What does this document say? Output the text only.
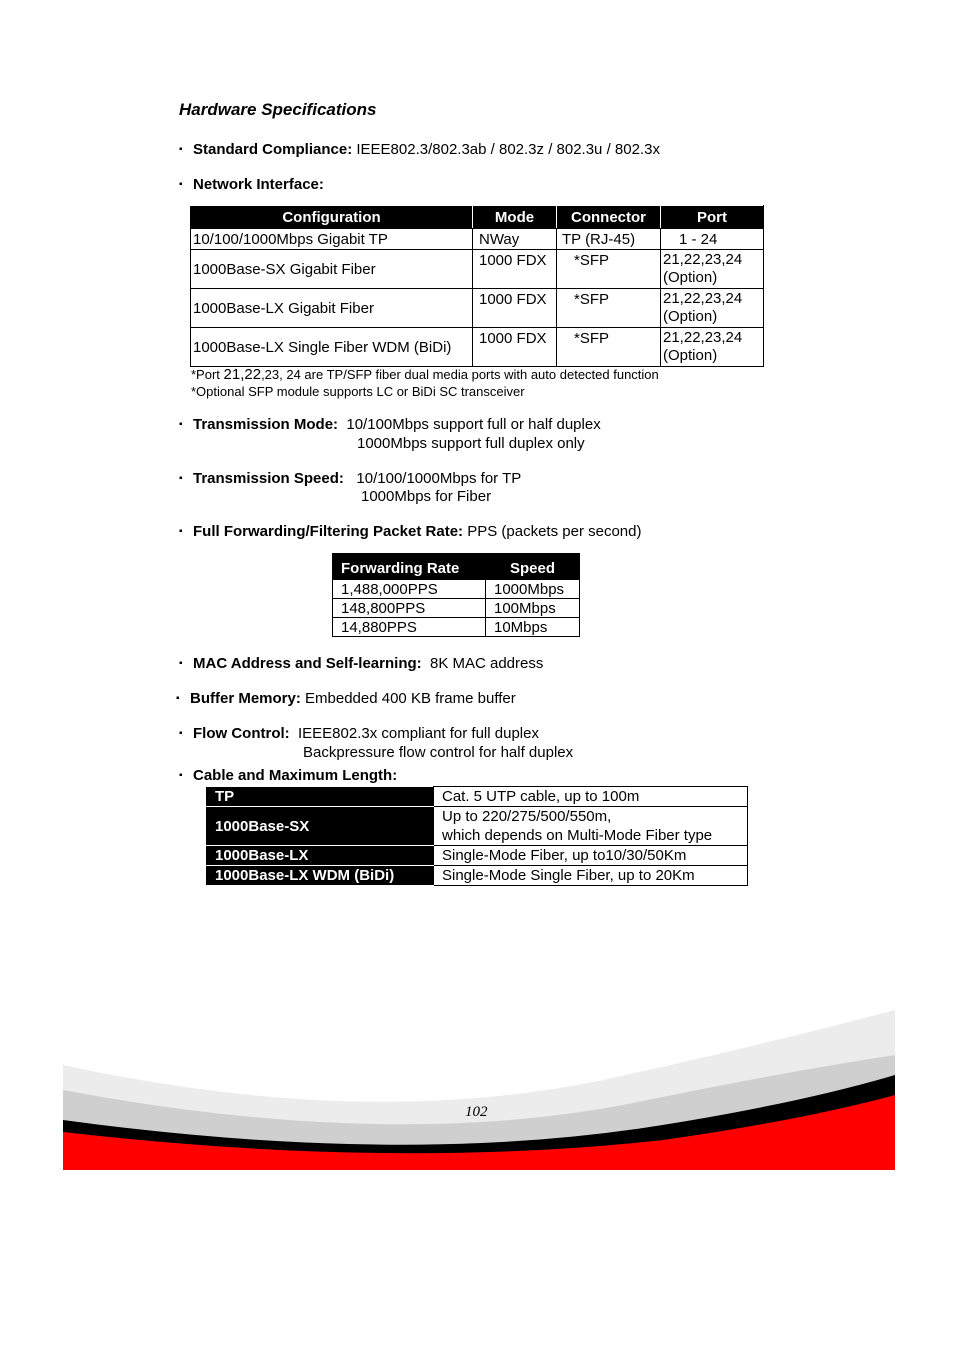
Hardware Specifications
▪ Standard Compliance: IEEE802.3/802.3ab / 802.3z / 802.3u / 802.3x
▪ Network Interface:
Configuration	Mode	Connector	Port
10/100/1000Mbps Gigabit TP	NWay	TP (RJ-45)	1 - 24
1000Base-SX Gigabit Fiber	1000 FDX	*SFP	21,22,23,24
(Option)
1000Base-LX Gigabit Fiber	1000 FDX	*SFP	21,22,23,24
(Option)
1000Base-LX Single Fiber WDM (BiDi)	1000 FDX	*SFP	21,22,23,24
(Option)
*Port 21,22,23, 24 are TP/SFP fiber dual media ports with auto detected function
*Optional SFP module supports LC or BiDi SC transceiver
▪ Transmission Mode: 10/100Mbps support full or half duplex
1000Mbps support full duplex only
▪ Transmission Speed: 10/100/1000Mbps for TP
1000Mbps for Fiber
▪ Full Forwarding/Filtering Packet Rate: PPS (packets per second)
Forwarding Rate	Speed
1,488,000PPS	1000Mbps
148,800PPS	100Mbps
14,880PPS	10Mbps
▪ MAC Address and Self-learning: 8K MAC address
▪ Buffer Memory: Embedded 400 KB frame buffer
▪ Flow Control: IEEE802.3x compliant for full duplex
Backpressure flow control for half duplex
▪ Cable and Maximum Length:
TP	Cat. 5 UTP cable, up to 100m
1000Base-SX	Up to 220/275/500/550m,
which depends on Multi-Mode Fiber type
1000Base-LX	Single-Mode Fiber, up to10/30/50Km
1000Base-LX WDM (BiDi)	Single-Mode Single Fiber, up to 20Km
102
